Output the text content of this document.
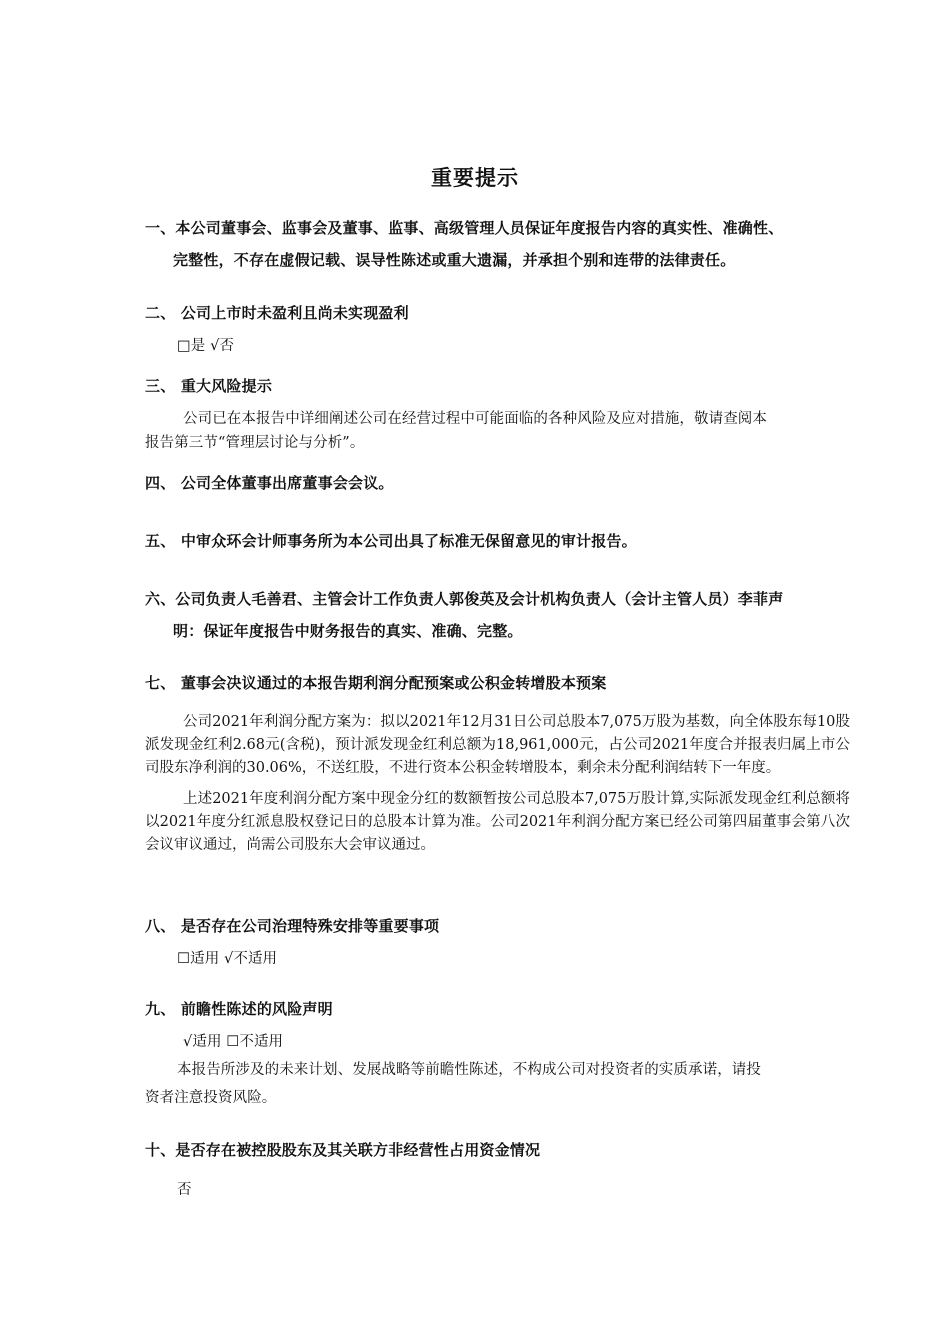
重要提示
一、本公司董事会、监事会及董事、监事、高级管理人员保证年度报告内容的真实性、准确性、
完整性，不存在虚假记载、误导性陈述或重大遗漏，并承担个别和连带的法律责任。
二、 公司上市时未盈利且尚未实现盈利
□是 √否
三、 重大风险提示
公司已在本报告中详细阐述公司在经营过程中可能面临的各种风险及应对措施，敬请查阅本
报告第三节“管理层讨论与分析”。
四、 公司全体董事出席董事会会议。
五、 中审众环会计师事务所为本公司出具了标准无保留意见的审计报告。
六、公司负责人毛善君、主管会计工作负责人郭俊英及会计机构负责人（会计主管人员）李菲声
明：保证年度报告中财务报告的真实、准确、完整。
七、 董事会决议通过的本报告期利润分配预案或公积金转增股本预案

公司2021年利润分配方案为：拟以2021年12月31日公司总股本7,075万股为基数，向全体股东每10股派发现金红利2.68元(含税)，预计派发现金红利总额为18,961,000元，占公司2021年度合并报表归属上市公司股东净利润的30.06%，不送红股，不进行资本公积金转增股本，剩余未分配利润结转下一年度。

上述2021年度利润分配方案中现金分红的数额暂按公司总股本7,075万股计算,实际派发现金红利总额将以2021年度分红派息股权登记日的总股本计算为准。公司2021年利润分配方案已经公司第四届董事会第八次会议审议通过，尚需公司股东大会审议通过。

八、 是否存在公司治理特殊安排等重要事项
☐适用 √不适用
九、 前瞻性陈述的风险声明
√适用 ☐不适用
本报告所涉及的未来计划、发展战略等前瞻性陈述，不构成公司对投资者的实质承诺，请投
资者注意投资风险。
十、是否存在被控股股东及其关联方非经营性占用资金情况
否
